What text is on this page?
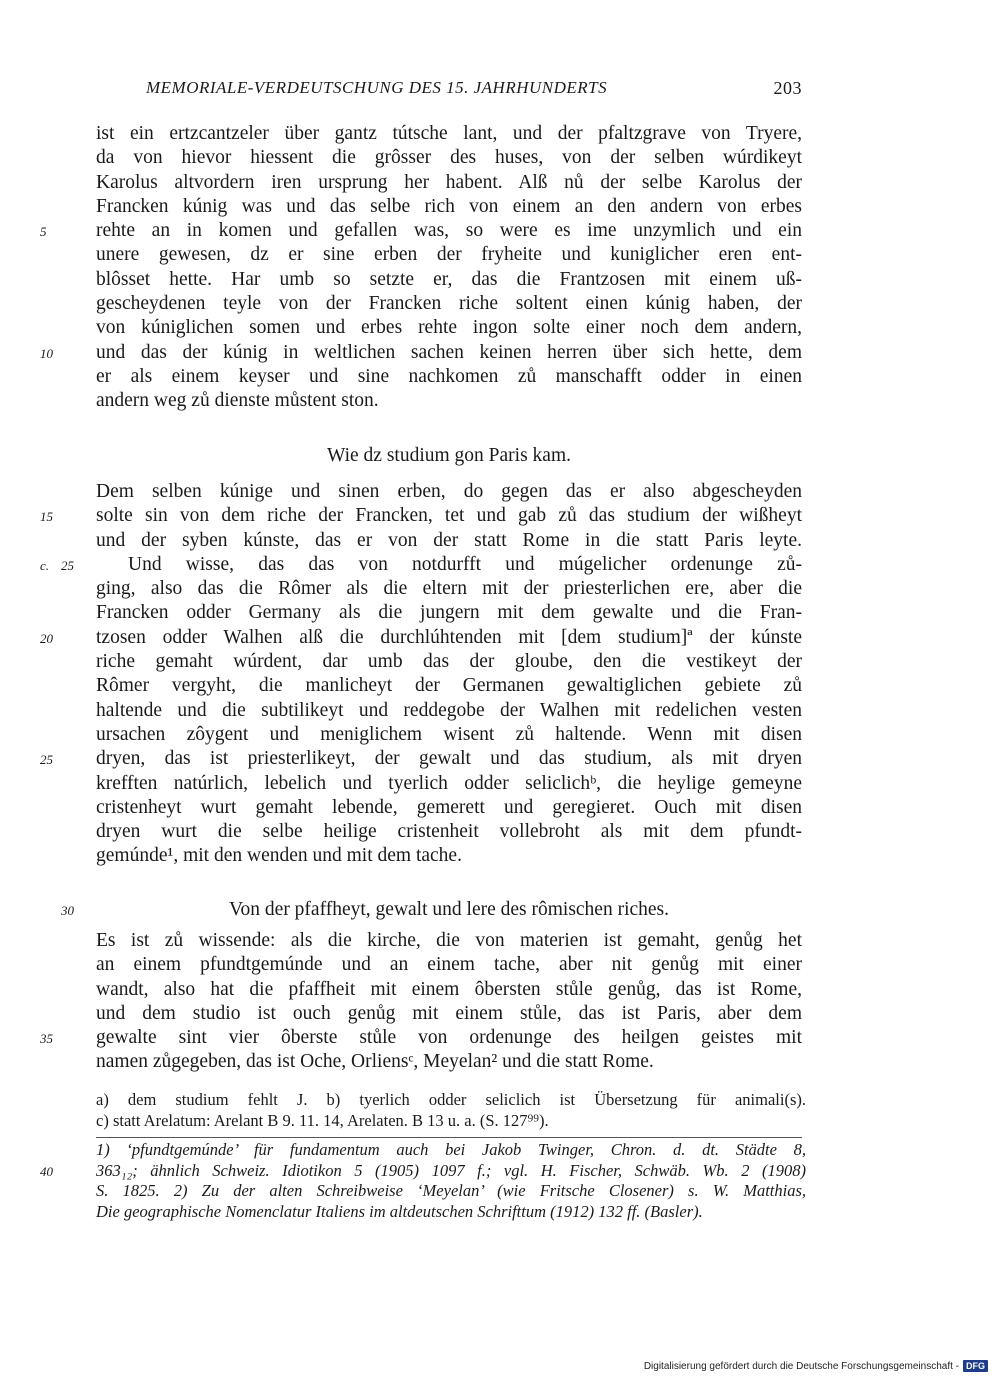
MEMORIALE-VERDEUTSCHUNG DES 15. JAHRHUNDERTS	203
ist ein ertzcantzeler über gantz tútsche lant, und der pfaltzgrave von Tryere,
da von hievor hiessent die grôsser des huses, von der selben wúrdikeyt
Karolus altvordern iren ursprung her habent. Alß nů der selbe Karolus der
Francken kúnig was und das selbe rich von einem an den andern von erbes
5	rehte an in komen und gefallen was, so were es ime unzymlich und ein
unere gewesen, dz er sine erben der fryheite und kuniglicher eren ent-
blôsset hette. Har umb so setzte er, das die Frantzosen mit einem uß-
gescheydenen teyle von der Francken riche soltent einen kúnig haben, der
von kúniglichen somen und erbes rehte ingon solte einer noch dem andern,
10	und das der kúnig in weltlichen sachen keinen herren über sich hette, dem
er als einem keyser und sine nachkomen zů manschafft odder in einen
andern weg zů dienste můstent ston.
Wie dz studium gon Paris kam.
Dem selben kúnige und sinen erben, do gegen das er also abgescheyden
15	solte sin von dem riche der Francken, tet und gab zů das studium der wißheyt
und der syben kúnste, das er von der statt Rome in die statt Paris leyte.
c. 25	Und wisse, das das von notdurfft und múgelicher ordenunge zů-
ging, also das die Rômer als die eltern mit der priesterlichen ere, aber die
Francken odder Germany als die jungern mit dem gewalte und die Fran-
20	tzosen odder Walhen alß die durchlúhtenden mit [dem studium]ª der kúnste
riche gemaht wúrdent, dar umb das der gloube, den die vestikeyt der
Rômer vergyht, die manlicheyt der Germanen gewaltiglichen gebiete zů
haltende und die subtilikeyt und reddegobe der Walhen mit redelichen vesten
ursachen zôygent und meniglichem wisent zů haltende. Wenn mit disen
25	dryen, das ist priesterlikeyt, der gewalt und das studium, als mit dryen
krefften natúrlich, lebelich und tyerlich odder seliclichᵇ, die heylige gemeyne
cristenheyt wurt gemaht lebende, gemerett und geregieret. Ouch mit disen
dryen wurt die selbe heilige cristenheit vollebroht als mit dem pfundt-
gemúnde¹, mit den wenden und mit dem tache.
30	Von der pfaffheyt, gewalt und lere des rômischen riches.
Es ist zů wissende: als die kirche, die von materien ist gemaht, genůg het
an einem pfundtgemúnde und an einem tache, aber nit genůg mit einer
wandt, also hat die pfaffheit mit einem ôbersten stůle genůg, das ist Rome,
und dem studio ist ouch genůg mit einem stůle, das ist Paris, aber dem
35	gewalte sint vier ôberste stůle von ordenunge des heilgen geistes mit
namen zůgegeben, das ist Oche, Orliensᶜ, Meyelan² und die statt Rome.
a) dem studium fehlt J. b) tyerlich odder seliclich ist Übersetzung für animali(s).
c) statt Arelatum: Arelant B 9. 11. 14, Arelaten. B 13 u. a. (S. 127⁹⁹).
1) ‘pfundtgemúnde’ für fundamentum auch bei Jakob Twinger, Chron. d. dt. Städte 8,
40	363₁₂; ähnlich Schweiz. Idiotikon 5 (1905) 1097 f.; vgl. H. Fischer, Schwäb. Wb. 2 (1908)
S. 1825. 2) Zu der alten Schreibweise ‘Meyelan’ (wie Fritsche Closener) s. W. Matthias,
Die geographische Nomenclatur Italiens im altdeutschen Schrifttum (1912) 132 ff. (Basler).
Digitalisierung gefördert durch die Deutsche Forschungsgemeinschaft - DFG
